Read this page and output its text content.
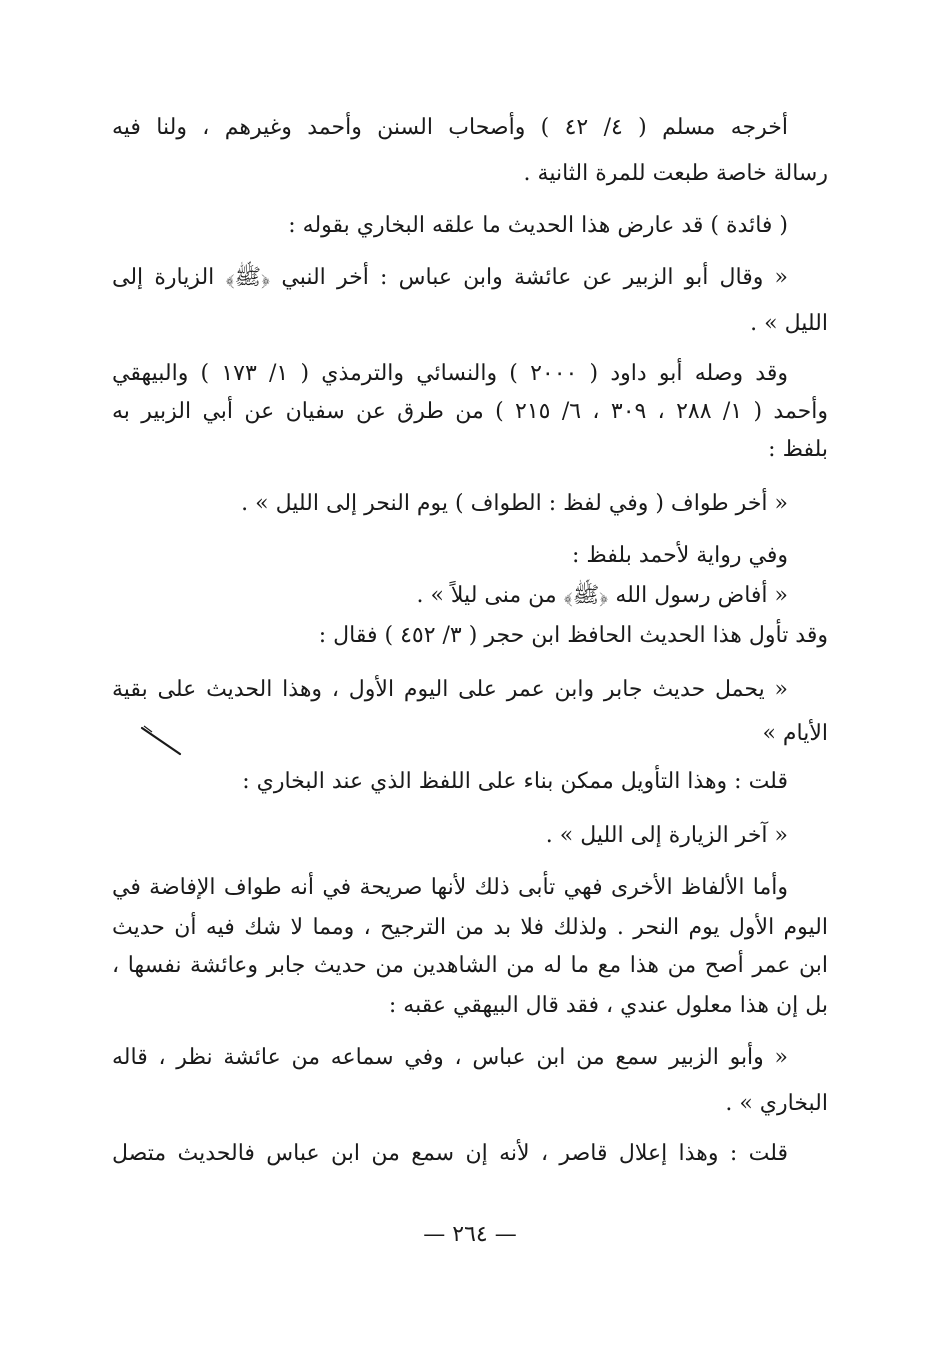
أخرجه مسلم ( ٤/ ٤٢ ) وأصحاب السنن وأحمد وغيرهم ، ولنا فيه
رسالة خاصة طبعت للمرة الثانية .
( فائدة ) قد عارض هذا الحديث ما علقه البخاري بقوله :
« وقال أبو الزبير عن عائشة وابن عباس : أخر النبي ﴿ﷺ﴾ الزيارة إلى
الليل » .
وقد وصله أبو داود ( ٢٠٠٠ ) والنسائي والترمذي ( ١/ ١٧٣ ) والبيهقي
وأحمد ( ١/ ٢٨٨ ، ٣٠٩ ، ٦/ ٢١٥ ) من طرق عن سفيان عن أبي الزبير به
بلفظ :
« أخر طواف ( وفي لفظ : الطواف ) يوم النحر إلى الليل » .
وفي رواية لأحمد بلفظ :
« أفاض رسول الله ﴿ﷺ﴾ من منى ليلاً » .
وقد تأول هذا الحديث الحافظ ابن حجر ( ٣/ ٤٥٢ ) فقال :
« يحمل حديث جابر وابن عمر على اليوم الأول ، وهذا الحديث على بقية
الأيام »
قلت : وهذا التأويل ممكن بناء على اللفظ الذي عند البخاري :
« آخر الزيارة إلى الليل » .
وأما الألفاظ الأخرى فهي تأبى ذلك لأنها صريحة في أنه طواف الإفاضة في
اليوم الأول يوم النحر . ولذلك فلا بد من الترجيح ، ومما لا شك فيه أن حديث
ابن عمر أصح من هذا مع ما له من الشاهدين من حديث جابر وعائشة نفسها ،
بل إن هذا معلول عندي ، فقد قال البيهقي عقبه :
« وأبو الزبير سمع من ابن عباس ، وفي سماعه من عائشة نظر ، قاله
البخاري » .
قلت : وهذا إعلال قاصر ، لأنه إن سمع من ابن عباس فالحديث متصل
— ٢٦٤ —
